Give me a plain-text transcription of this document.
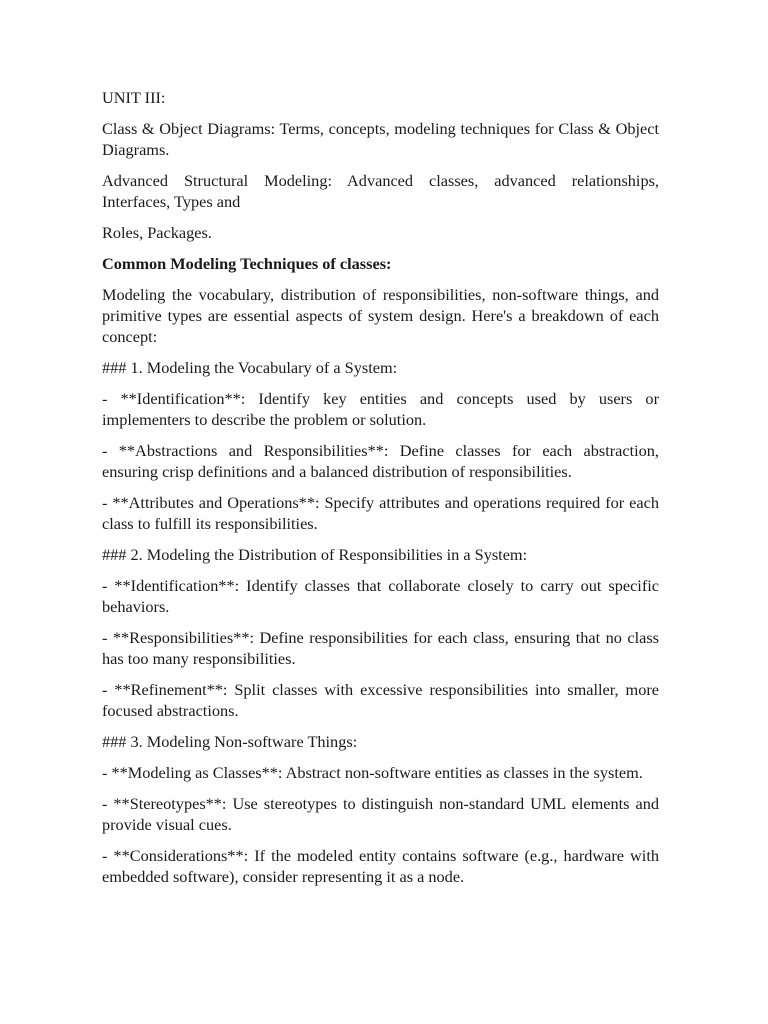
UNIT III:

Class & Object Diagrams: Terms, concepts, modeling techniques for Class & Object Diagrams.

Advanced Structural Modeling: Advanced classes, advanced relationships, Interfaces, Types and

Roles, Packages.

Common Modeling Techniques of classes:

Modeling the vocabulary, distribution of responsibilities, non-software things, and primitive types are essential aspects of system design. Here's a breakdown of each concept:

### 1. Modeling the Vocabulary of a System:

- **Identification**: Identify key entities and concepts used by users or implementers to describe the problem or solution.

- **Abstractions and Responsibilities**: Define classes for each abstraction, ensuring crisp definitions and a balanced distribution of responsibilities.

- **Attributes and Operations**: Specify attributes and operations required for each class to fulfill its responsibilities.

### 2. Modeling the Distribution of Responsibilities in a System:

- **Identification**: Identify classes that collaborate closely to carry out specific behaviors.

- **Responsibilities**: Define responsibilities for each class, ensuring that no class has too many responsibilities.

- **Refinement**: Split classes with excessive responsibilities into smaller, more focused abstractions.

### 3. Modeling Non-software Things:

- **Modeling as Classes**: Abstract non-software entities as classes in the system.

- **Stereotypes**: Use stereotypes to distinguish non-standard UML elements and provide visual cues.

- **Considerations**: If the modeled entity contains software (e.g., hardware with embedded software), consider representing it as a node.
